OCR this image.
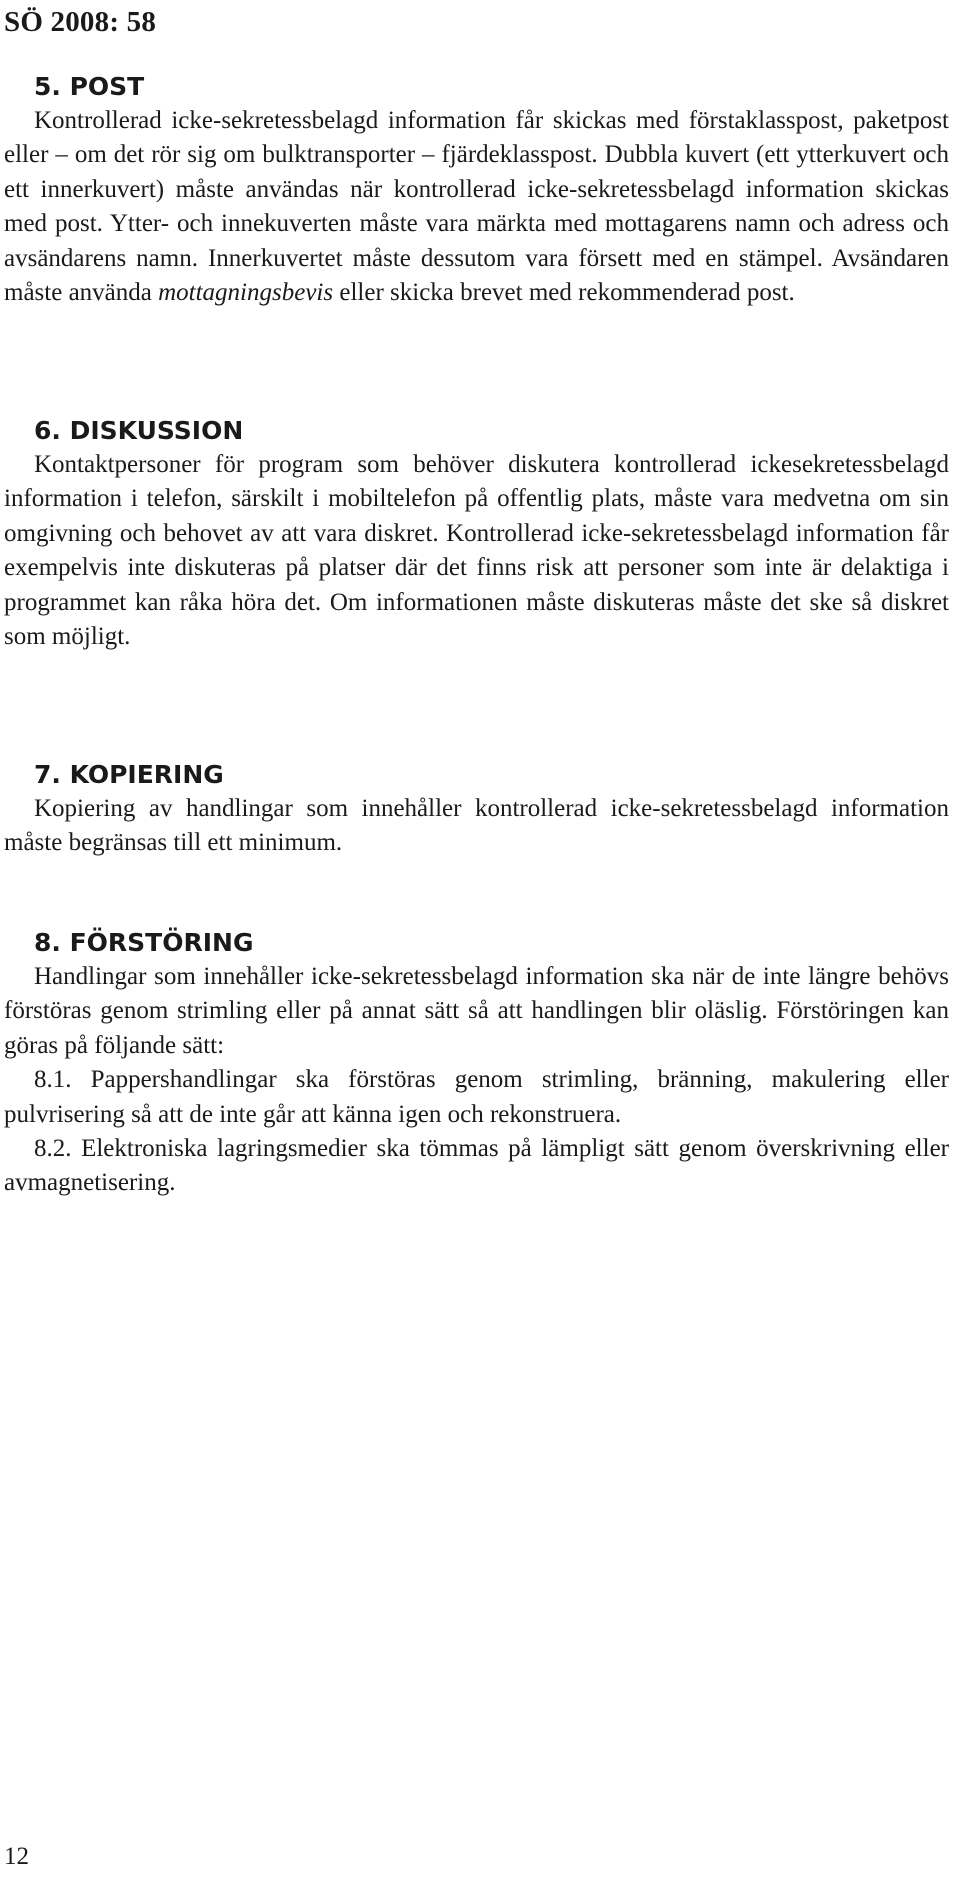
SÖ 2008: 58
5. POST

Kontrollerad icke-sekretessbelagd information får skickas med förstaklasspost, paketpost eller – om det rör sig om bulktransporter – fjärdeklasspost. Dubbla kuvert (ett ytterkuvert och ett innerkuvert) måste användas när kontrollerad icke-sekretessbelagd information skickas med post. Ytter- och innekuverten måste vara märkta med mottagarens namn och adress och avsändarens namn. Innerkuvertet måste dessutom vara försett med en stämpel. Avsändaren måste använda mottagningsbevis eller skicka brevet med rekommenderad post.

6. DISKUSSION

Kontaktpersoner för program som behöver diskutera kontrollerad ickesekretessbelagd information i telefon, särskilt i mobiltelefon på offentlig plats, måste vara medvetna om sin omgivning och behovet av att vara diskret. Kontrollerad icke-sekretessbelagd information får exempelvis inte diskuteras på platser där det finns risk att personer som inte är delaktiga i programmet kan råka höra det. Om informationen måste diskuteras måste det ske så diskret som möjligt.

7. KOPIERING

Kopiering av handlingar som innehåller kontrollerad icke-sekretessbelagd information måste begränsas till ett minimum.

8. FÖRSTÖRING

Handlingar som innehåller icke-sekretessbelagd information ska när de inte längre behövs förstöras genom strimling eller på annat sätt så att handlingen blir oläslig. Förstöringen kan göras på följande sätt:

8.1. Pappershandlingar ska förstöras genom strimling, bränning, makulering eller pulvrisering så att de inte går att känna igen och rekonstruera.

8.2. Elektroniska lagringsmedier ska tömmas på lämpligt sätt genom överskrivning eller avmagnetisering.

12
